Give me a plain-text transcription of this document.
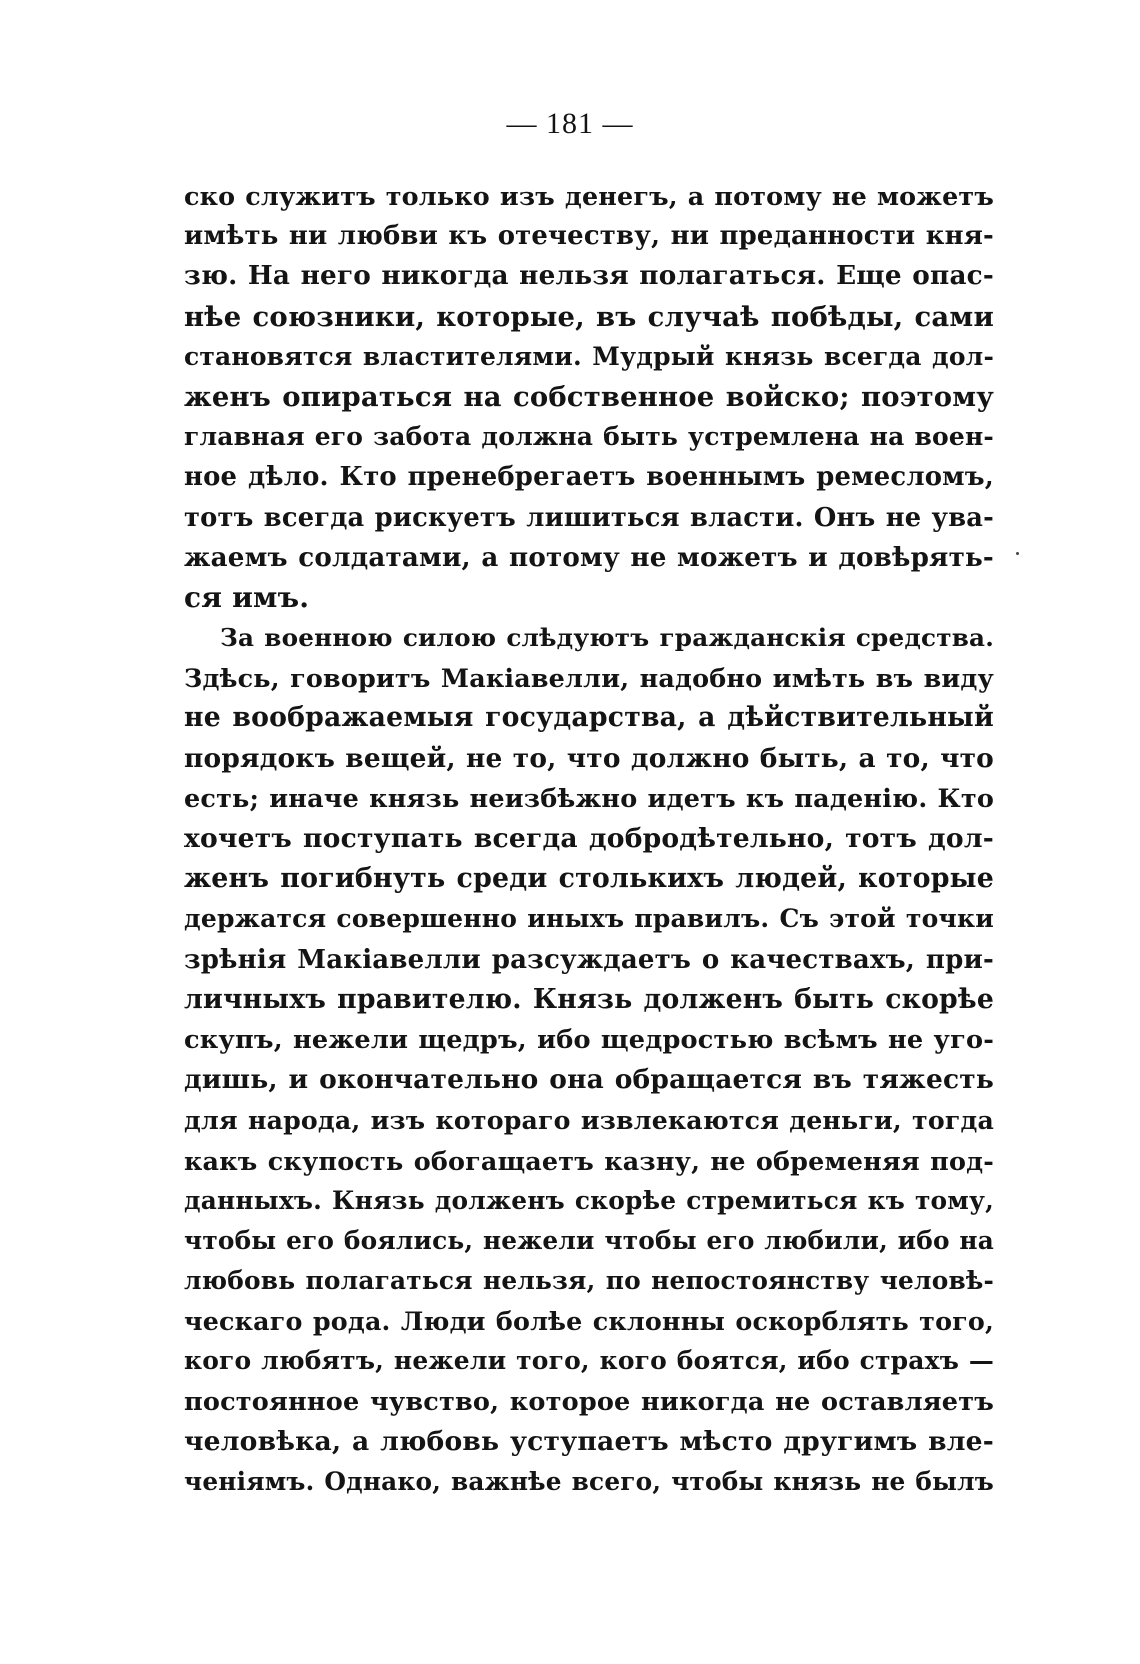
— 181 —
ско служитъ только изъ денегъ, а потому не можетъ
имѣть ни любви къ отечеству, ни преданности кня-
зю. На него никогда нельзя полагаться. Еще опас-
нѣе союзники, которые, въ случаѣ побѣды, сами
становятся властителями. Мудрый князь всегда дол-
женъ опираться на собственное войско; поэтому
главная его забота должна быть устремлена на воен-
ное дѣло. Кто пренебрегаетъ военнымъ ремесломъ,
тотъ всегда рискуетъ лишиться власти. Онъ не ува-
жаемъ солдатами, а потому не можетъ и довѣрять-
ся имъ.
За военною силою слѣдуютъ гражданскія средства.
Здѣсь, говоритъ Макіавелли, надобно имѣть въ виду
не воображаемыя государства, а дѣйствительный
порядокъ вещей, не то, что должно быть, а то, что
есть; иначе князь неизбѣжно идетъ къ паденію. Кто
хочетъ поступать всегда добродѣтельно, тотъ дол-
женъ погибнуть среди столькихъ людей, которые
держатся совершенно иныхъ правилъ. Съ этой точки
зрѣнія Макіавелли разсуждаетъ о качествахъ, при-
личныхъ правителю. Князь долженъ быть скорѣе
скупъ, нежели щедръ, ибо щедростью всѣмъ не уго-
дишь, и окончательно она обращается въ тяжесть
для народа, изъ котораго извлекаются деньги, тогда
какъ скупость обогащаетъ казну, не обременяя под-
данныхъ. Князь долженъ скорѣе стремиться къ тому,
чтобы его боялись, нежели чтобы его любили, ибо на
любовь полагаться нельзя, по непостоянству человѣ-
ческаго рода. Люди болѣе склонны оскорблять того,
кого любятъ, нежели того, кого боятся, ибо страхъ —
постоянное чувство, которое никогда не оставляетъ
человѣка, а любовь уступаетъ мѣсто другимъ вле-
ченіямъ. Однако, важнѣе всего, чтобы князь не былъ
